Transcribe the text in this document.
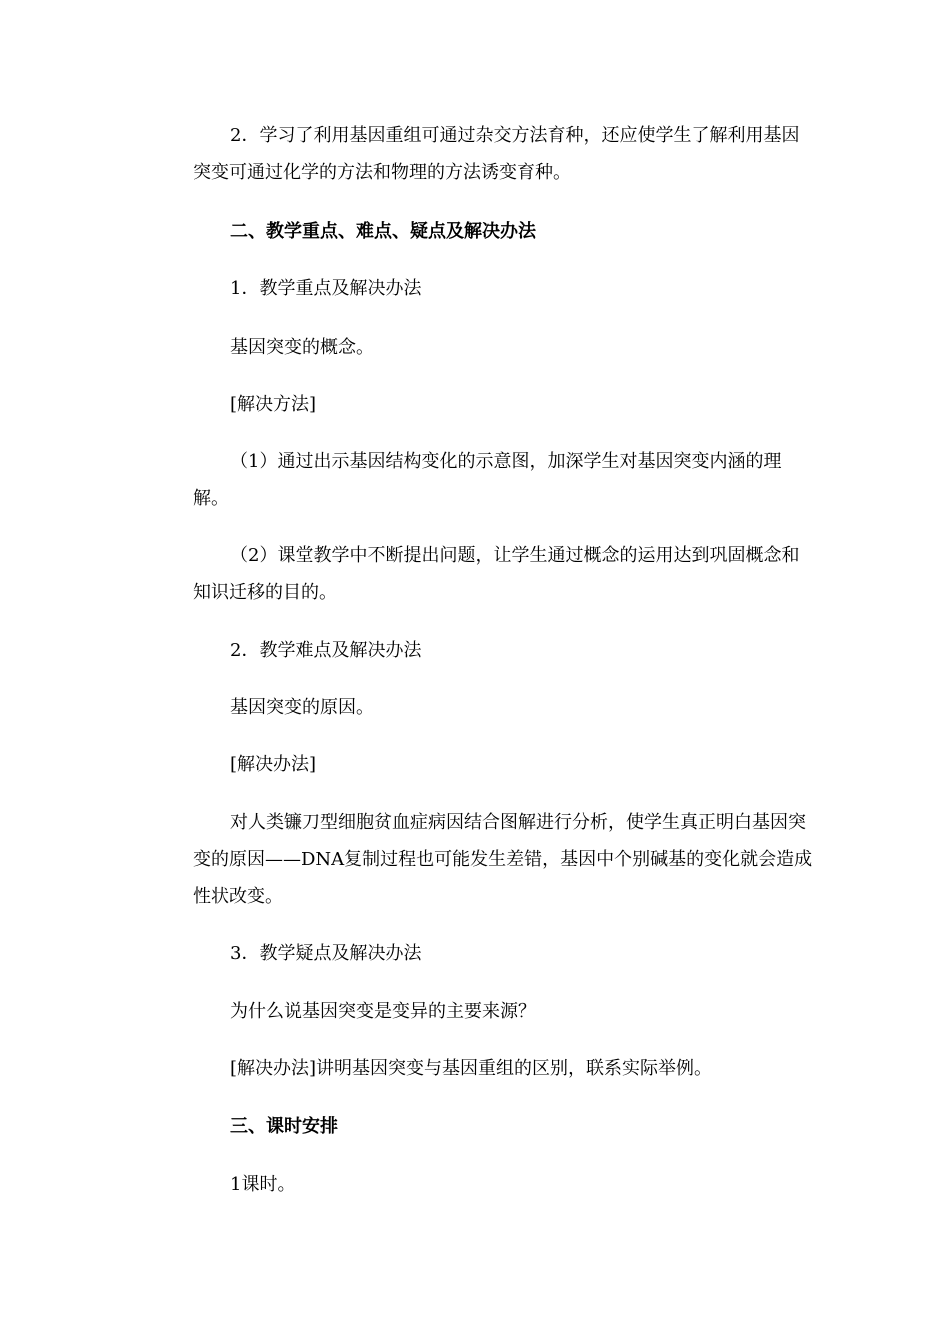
2．学习了利用基因重组可通过杂交方法育种，还应使学生了解利用基因突变可通过化学的方法和物理的方法诱变育种。

二、教学重点、难点、疑点及解决办法

1．教学重点及解决办法

基因突变的概念。

[解决方法]

（1）通过出示基因结构变化的示意图，加深学生对基因突变内涵的理解。

（2）课堂教学中不断提出问题，让学生通过概念的运用达到巩固概念和知识迁移的目的。

2．教学难点及解决办法

基因突变的原因。

[解决办法]

对人类镰刀型细胞贫血症病因结合图解进行分析，使学生真正明白基因突变的原因——DNA复制过程也可能发生差错，基因中个别碱基的变化就会造成性状改变。

3．教学疑点及解决办法

为什么说基因突变是变异的主要来源？

[解决办法]讲明基因突变与基因重组的区别，联系实际举例。

三、课时安排

1课时。
